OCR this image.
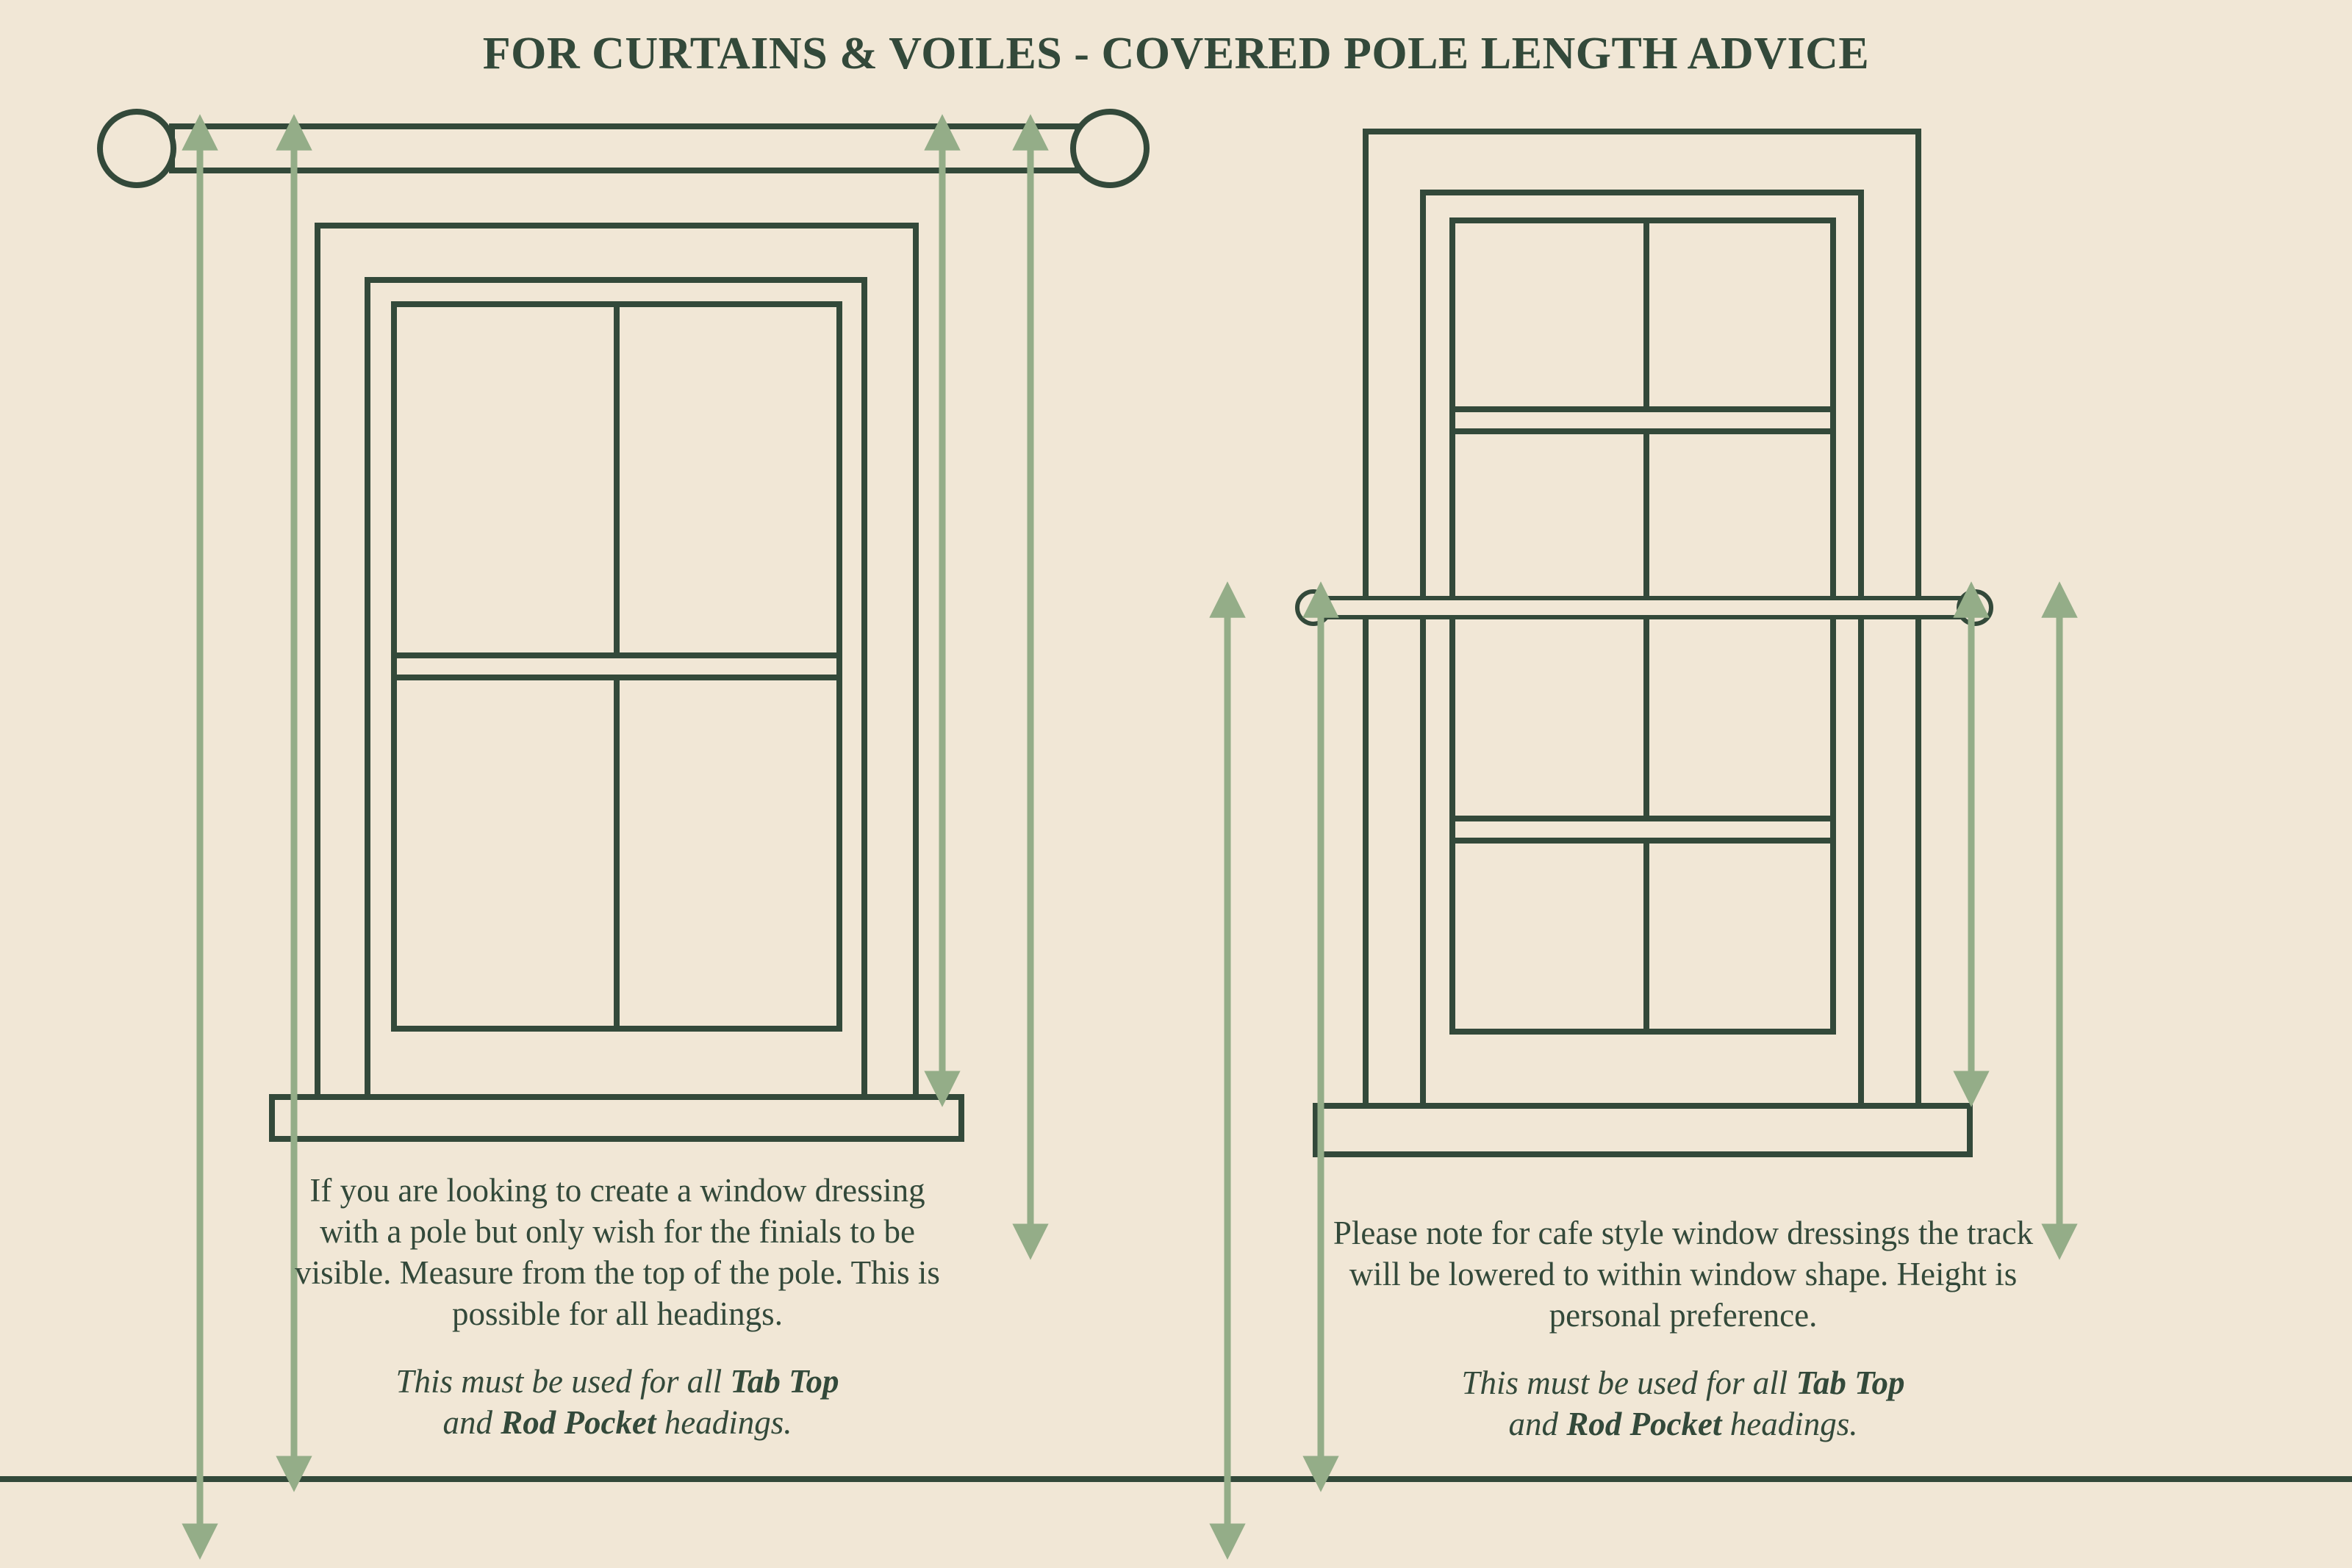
FOR CURTAINS & VOILES - COVERED POLE LENGTH ADVICE

If you are looking to create a window dressing with a pole but only wish for the finials to be visible. Measure from the top of the pole. This is possible for all headings.

This must be used for all Tab Top
and Rod Pocket headings.

Please note for cafe style window dressings the track will be lowered to within window shape. Height is personal preference.

This must be used for all Tab Top
and Rod Pocket headings.
